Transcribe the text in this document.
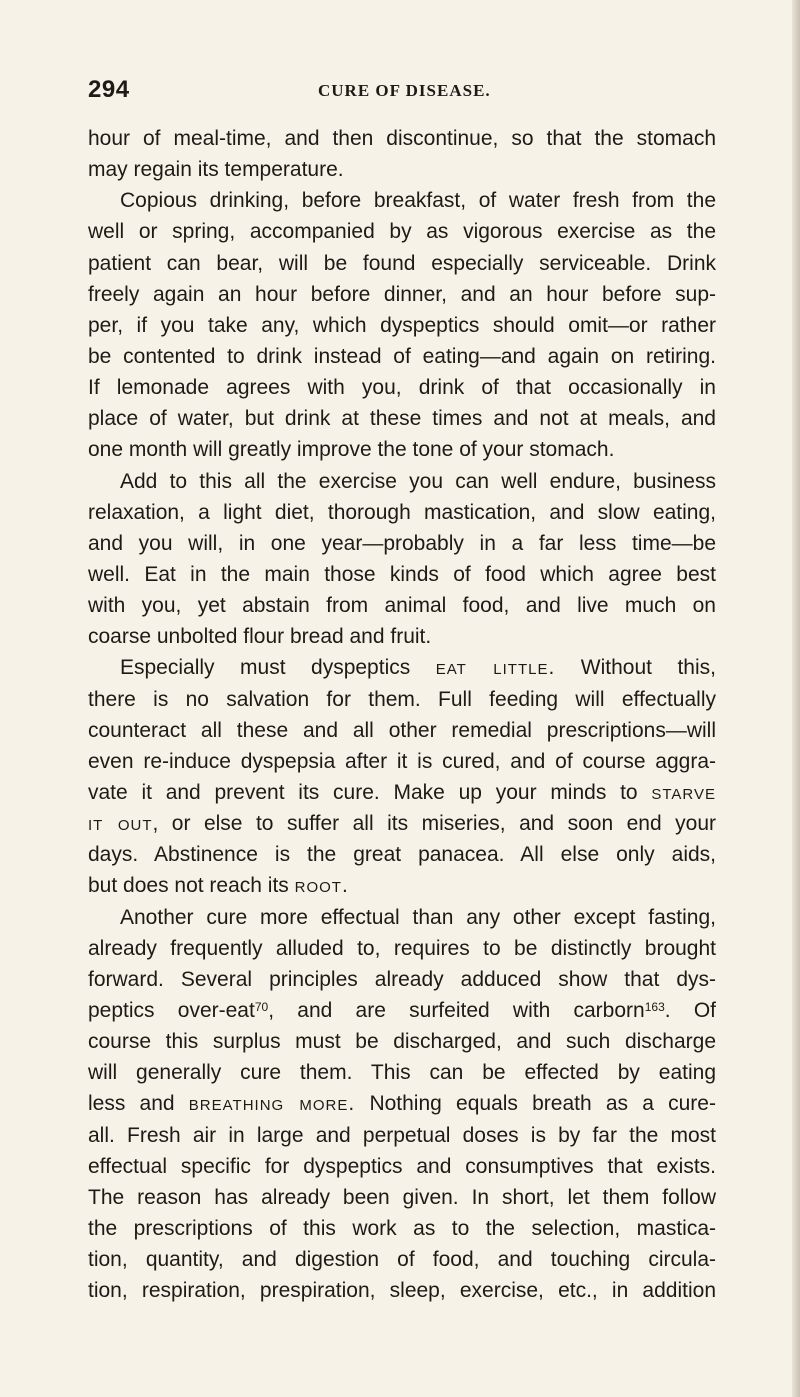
294	CURE OF DISEASE.
hour of meal-time, and then discontinue, so that the stomach
may regain its temperature.
Copious drinking, before breakfast, of water fresh from the
well or spring, accompanied by as vigorous exercise as the
patient can bear, will be found especially serviceable. Drink
freely again an hour before dinner, and an hour before sup-
per, if you take any, which dyspeptics should omit—or rather
be contented to drink instead of eating—and again on retiring.
If lemonade agrees with you, drink of that occasionally in
place of water, but drink at these times and not at meals, and
one month will greatly improve the tone of your stomach.
Add to this all the exercise you can well endure, business
relaxation, a light diet, thorough mastication, and slow eating,
and you will, in one year—probably in a far less time—be
well. Eat in the main those kinds of food which agree best
with you, yet abstain from animal food, and live much on
coarse unbolted flour bread and fruit.
Especially must dyspeptics eat little. Without this,
there is no salvation for them. Full feeding will effectually
counteract all these and all other remedial prescriptions—will
even re-induce dyspepsia after it is cured, and of course aggra-
vate it and prevent its cure. Make up your minds to starve
it out, or else to suffer all its miseries, and soon end your
days. Abstinence is the great panacea. All else only aids,
but does not reach its root.
Another cure more effectual than any other except fasting,
already frequently alluded to, requires to be distinctly brought
forward. Several principles already adduced show that dys-
peptics over-eat$^{70}$, and are surfeited with carborn$^{163}$. Of
course this surplus must be discharged, and such discharge
will generally cure them. This can be effected by eating
less and breathing more. Nothing equals breath as a cure-
all. Fresh air in large and perpetual doses is by far the most
effectual specific for dyspeptics and consumptives that exists.
The reason has already been given. In short, let them follow
the prescriptions of this work as to the selection, mastica-
tion, quantity, and digestion of food, and touching circula-
tion, respiration, prespiration, sleep, exercise, etc., in addition
